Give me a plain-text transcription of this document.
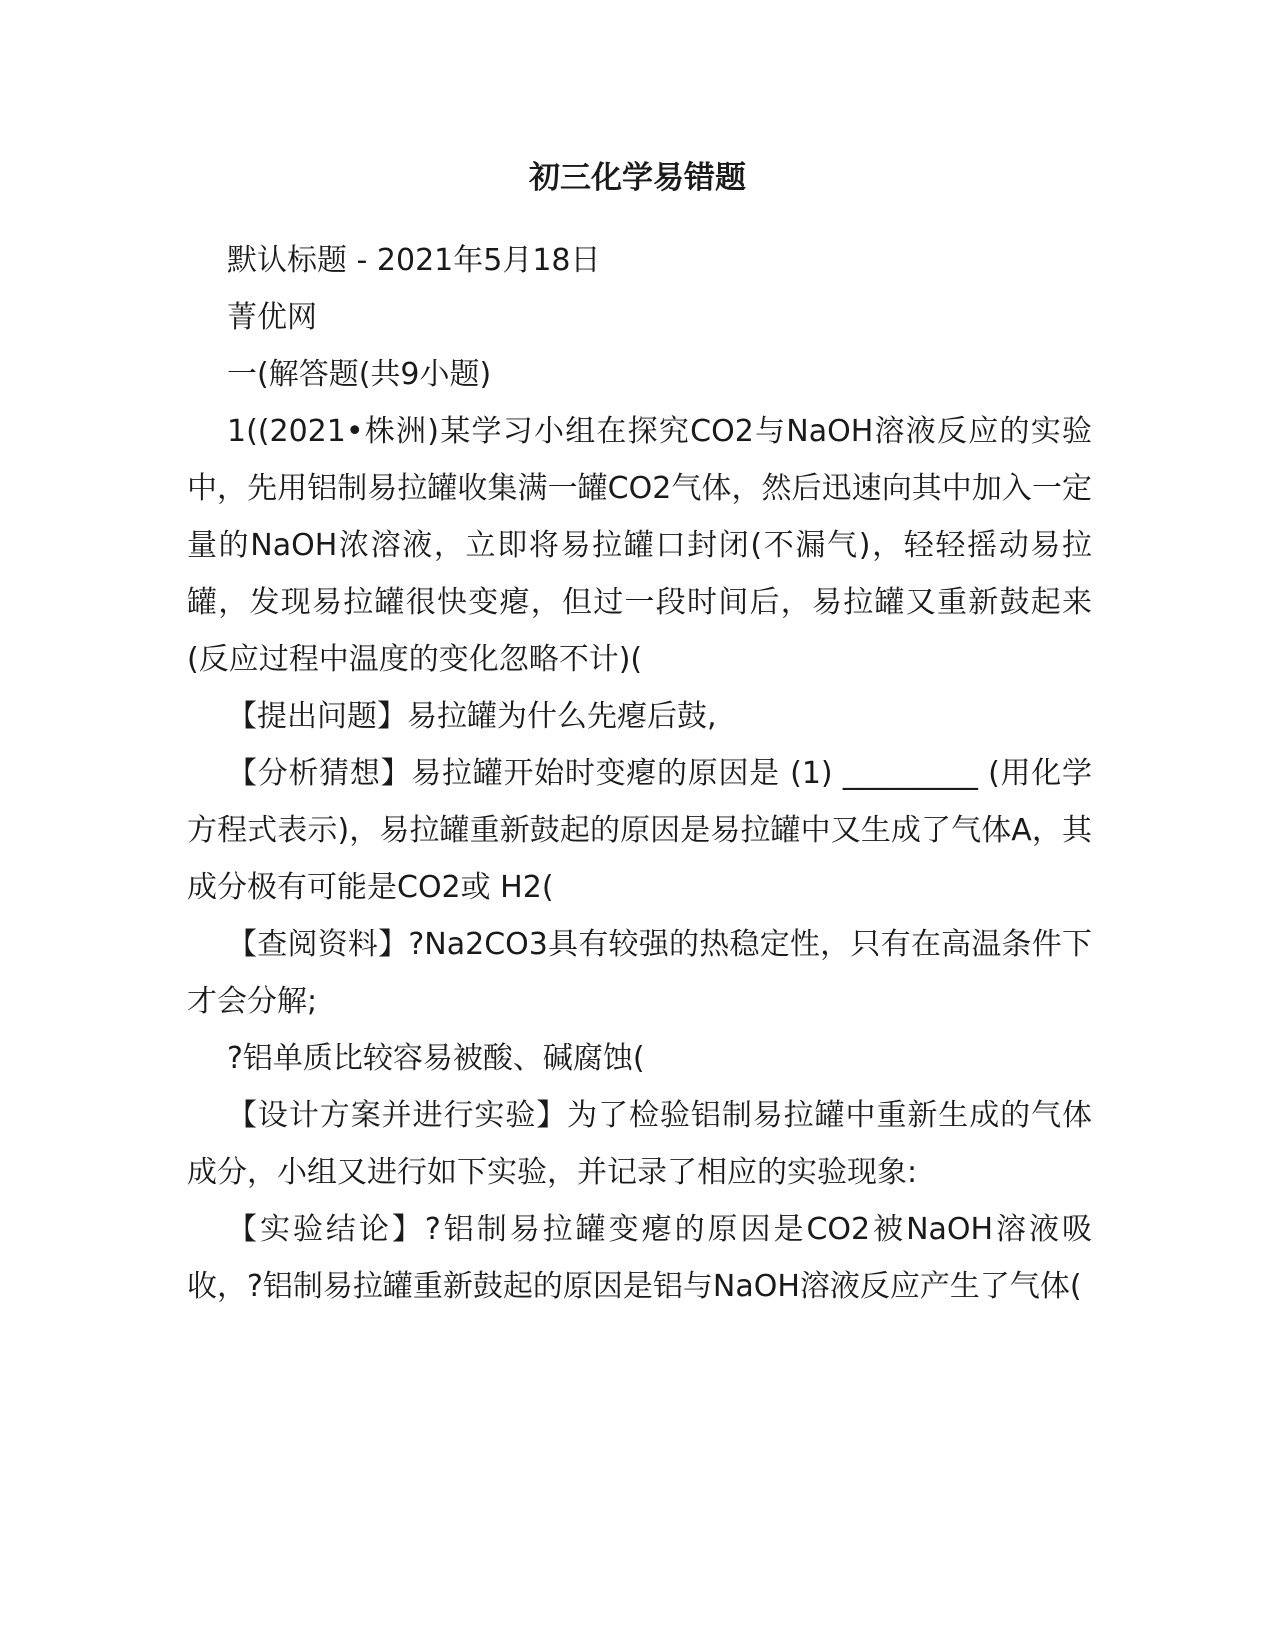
初三化学易错题

默认标题 - 2021年5月18日

菁优网

一(解答题(共9小题)

1((2021•株洲)某学习小组在探究CO2与NaOH溶液反应的实验中，先用铝制易拉罐收集满一罐CO2气体，然后迅速向其中加入一定量的NaOH浓溶液，立即将易拉罐口封闭(不漏气)，轻轻摇动易拉罐，发现易拉罐很快变瘪，但过一段时间后，易拉罐又重新鼓起来(反应过程中温度的变化忽略不计)(

【提出问题】易拉罐为什么先瘪后鼓,

【分析猜想】易拉罐开始时变瘪的原因是 (1) _________ (用化学方程式表示)，易拉罐重新鼓起的原因是易拉罐中又生成了气体A，其成分极有可能是CO2或 H2(

【查阅资料】?Na2CO3具有较强的热稳定性，只有在高温条件下才会分解;

?铝单质比较容易被酸、碱腐蚀(

【设计方案并进行实验】为了检验铝制易拉罐中重新生成的气体成分，小组又进行如下实验，并记录了相应的实验现象:

【实验结论】?铝制易拉罐变瘪的原因是CO2被NaOH溶液吸收，?铝制易拉罐重新鼓起的原因是铝与NaOH溶液反应产生了气体(
